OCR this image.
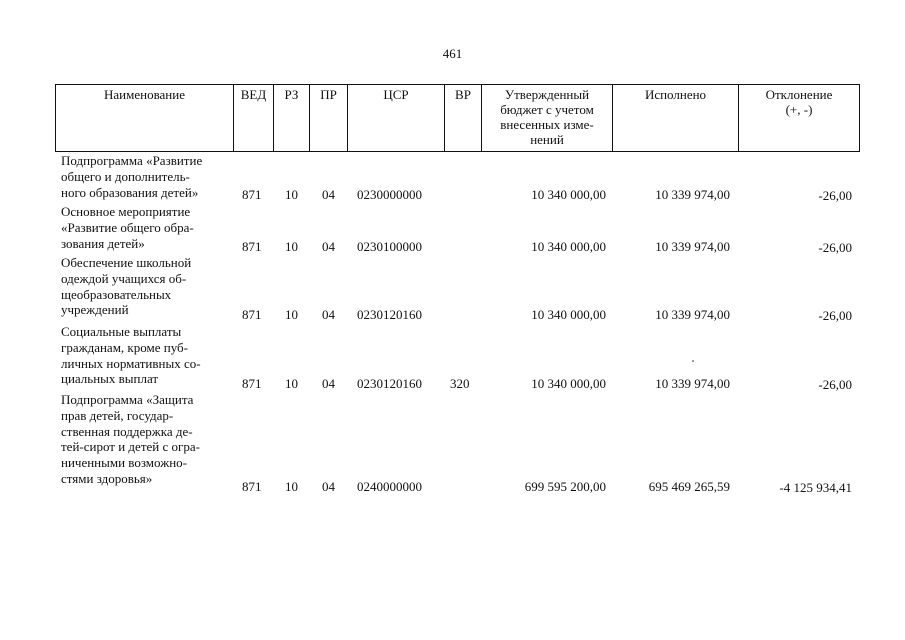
461
Наименование	ВЕД	РЗ	ПР	ЦСР	ВР	Утвержденный
бюджет с учетом
внесенных изме-
нений
Исполнено	Отклонение
(+, -)
Подпрограмма «Развитие
общего и дополнитель-
ного образования детей»	871 10 04 0230000000	10 340 000,00	10 339 974,00	-26,00
Основное мероприятие
«Развитие общего обра-
зования детей»	871 10 04 0230100000	10 340 000,00	10 339 974,00	-26,00
Обеспечение школьной
одеждой учащихся об-
щеобразовательных
учреждений	871 10 04 0230120160	10 340 000,00	10 339 974,00	-26,00
Социальные выплаты
гражданам, кроме пуб-
личных нормативных со-
циальных выплат	871 10 04 0230120160 320	10 340 000,00	10 339 974,00	-26,00
Подпрограмма «Защита
прав детей, государ-
ственная поддержка де-
тей-сирот и детей с огра-
ниченными возможно-
стями здоровья»
871 10 04 0240000000	699 595 200,00	695 469 265,59	-4 125 934,41
